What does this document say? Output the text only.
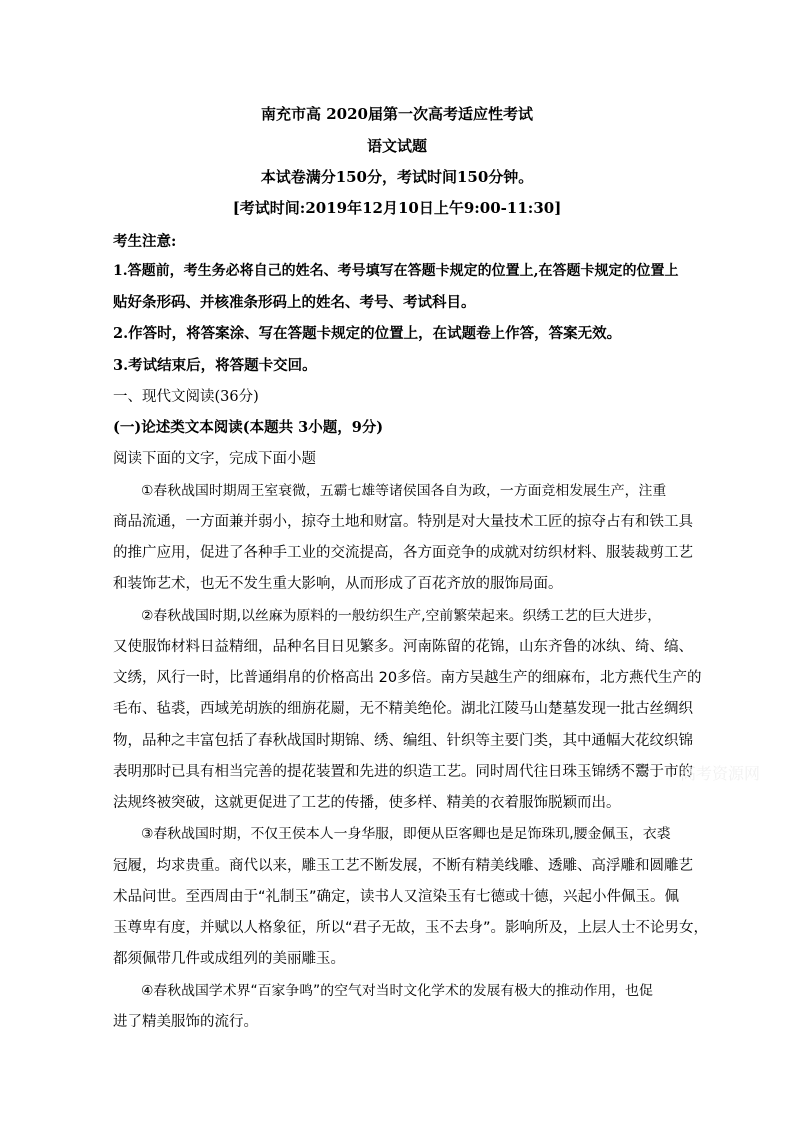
南充市高 2020届第一次高考适应性考试
语文试题
本试卷满分150分，考试时间150分钟。
[考试时间:2019年12月10日上午9:00-11:30]
考生注意:
1.答题前，考生务必将自己的姓名、考号填写在答题卡规定的位置上,在答题卡规定的位置上
贴好条形码、并核准条形码上的姓名、考号、考试科目。
2.作答时，将答案涂、写在答题卡规定的位置上，在试题卷上作答，答案无效。
3.考试结束后，将答题卡交回。
一、现代文阅读(36分)
(一)论述类文本阅读(本题共 3小题，9分)
阅读下面的文字，完成下面小题
①春秋战国时期周王室衰微，五霸七雄等诸侯国各自为政，一方面竞相发展生产，注重
商品流通，一方面兼并弱小，掠夺土地和财富。特别是对大量技术工匠的掠夺占有和铁工具
的推广应用，促进了各种手工业的交流提高，各方面竞争的成就对纺织材料、服装裁剪工艺
和装饰艺术，也无不发生重大影响，从而形成了百花齐放的服饰局面。
②春秋战国时期,以丝麻为原料的一般纺织生产,空前繁荣起来。织绣工艺的巨大进步，
又使服饰材料日益精细，品种名目日见繁多。河南陈留的花锦，山东齐鲁的冰纨、绮、缟、
文绣，风行一时，比普通绢帛的价格高出 20多倍。南方吴越生产的细麻布，北方燕代生产的
毛布、毡裘，西域羌胡族的细旃花罽，无不精美绝伦。湖北江陵马山楚墓发现一批古丝绸织
物，品种之丰富包括了春秋战国时期锦、绣、编组、针织等主要门类，其中通幅大花纹织锦
表明那时已具有相当完善的提花装置和先进的织造工艺。同时周代往日珠玉锦绣不鬻于市的
法规终被突破，这就更促进了工艺的传播，使多样、精美的衣着服饰脱颖而出。
③春秋战国时期，不仅王侯本人一身华服，即便从臣客卿也是足饰珠玑,腰金佩玉，衣裘
冠履，均求贵重。商代以来，雕玉工艺不断发展，不断有精美线雕、透雕、高浮雕和圆雕艺
术品问世。至西周由于“礼制玉”确定，读书人又渲染玉有七德或十德，兴起小件佩玉。佩
玉尊卑有度，并赋以人格象征，所以“君子无故，玉不去身”。影响所及，上层人士不论男女，
都须佩带几件或成组列的美丽雕玉。
④春秋战国学术界“百家争鸣”的空气对当时文化学术的发展有极大的推动作用，也促
进了精美服饰的流行。
高考资源网
